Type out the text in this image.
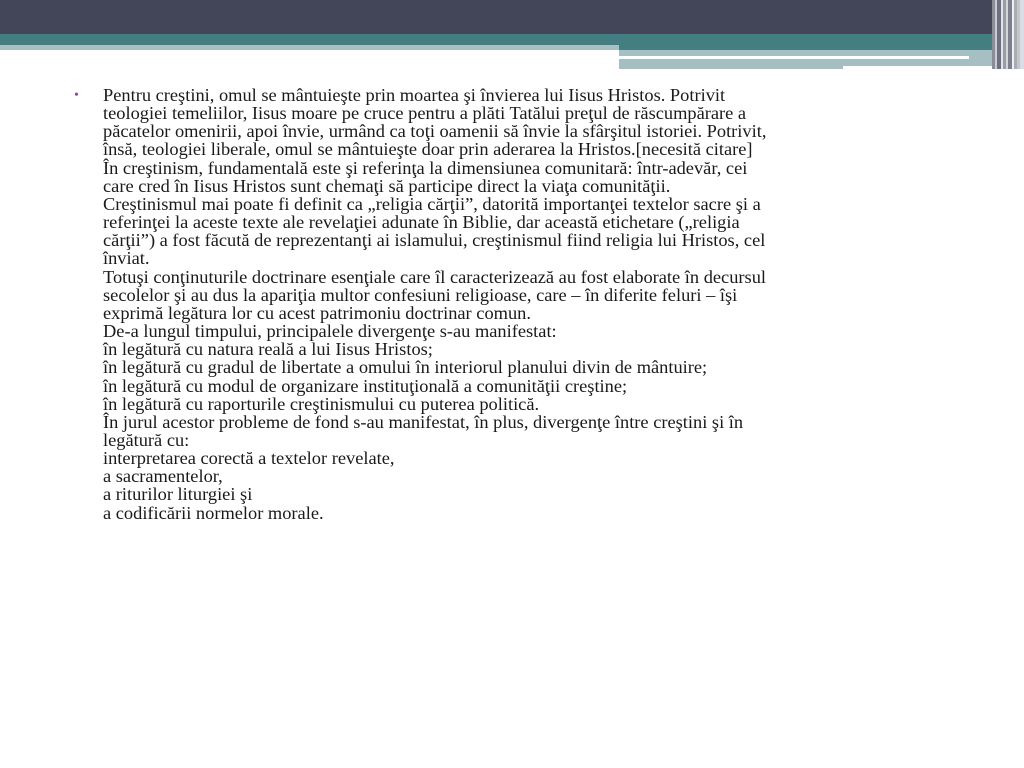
•	Pentru creştini, omul se mântuieşte prin moartea şi învierea lui Iisus Hristos. Potrivit
teologiei temeliilor, Iisus moare pe cruce pentru a plăti Tatălui preţul de răscumpărare a
păcatelor omenirii, apoi învie, urmând ca toţi oamenii să învie la sfârşitul istoriei. Potrivit,
însă, teologiei liberale, omul se mântuieşte doar prin aderarea la Hristos.[necesită citare]
În creştinism, fundamentală este şi referinţa la dimensiunea comunitară: într-adevăr, cei
care cred în Iisus Hristos sunt chemaţi să participe direct la viaţa comunităţii.
Creştinismul mai poate fi definit ca „religia cărţii”, datorită importanţei textelor sacre şi a
referinţei la aceste texte ale revelaţiei adunate în Biblie, dar această etichetare („religia
cărţii”) a fost făcută de reprezentanţi ai islamului, creştinismul fiind religia lui Hristos, cel
înviat.
Totuşi conţinuturile doctrinare esenţiale care îl caracterizează au fost elaborate în decursul
secolelor şi au dus la apariţia multor confesiuni religioase, care – în diferite feluri – îşi
exprimă legătura lor cu acest patrimoniu doctrinar comun.
De-a lungul timpului, principalele divergenţe s-au manifestat:
în legătură cu natura reală a lui Iisus Hristos;
în legătură cu gradul de libertate a omului în interiorul planului divin de mântuire;
în legătură cu modul de organizare instituţională a comunităţii creştine;
în legătură cu raporturile creştinismului cu puterea politică.
În jurul acestor probleme de fond s-au manifestat, în plus, divergenţe între creştini şi în
legătură cu:
interpretarea corectă a textelor revelate,
a sacramentelor,
a riturilor liturgiei şi
a codificării normelor morale.
